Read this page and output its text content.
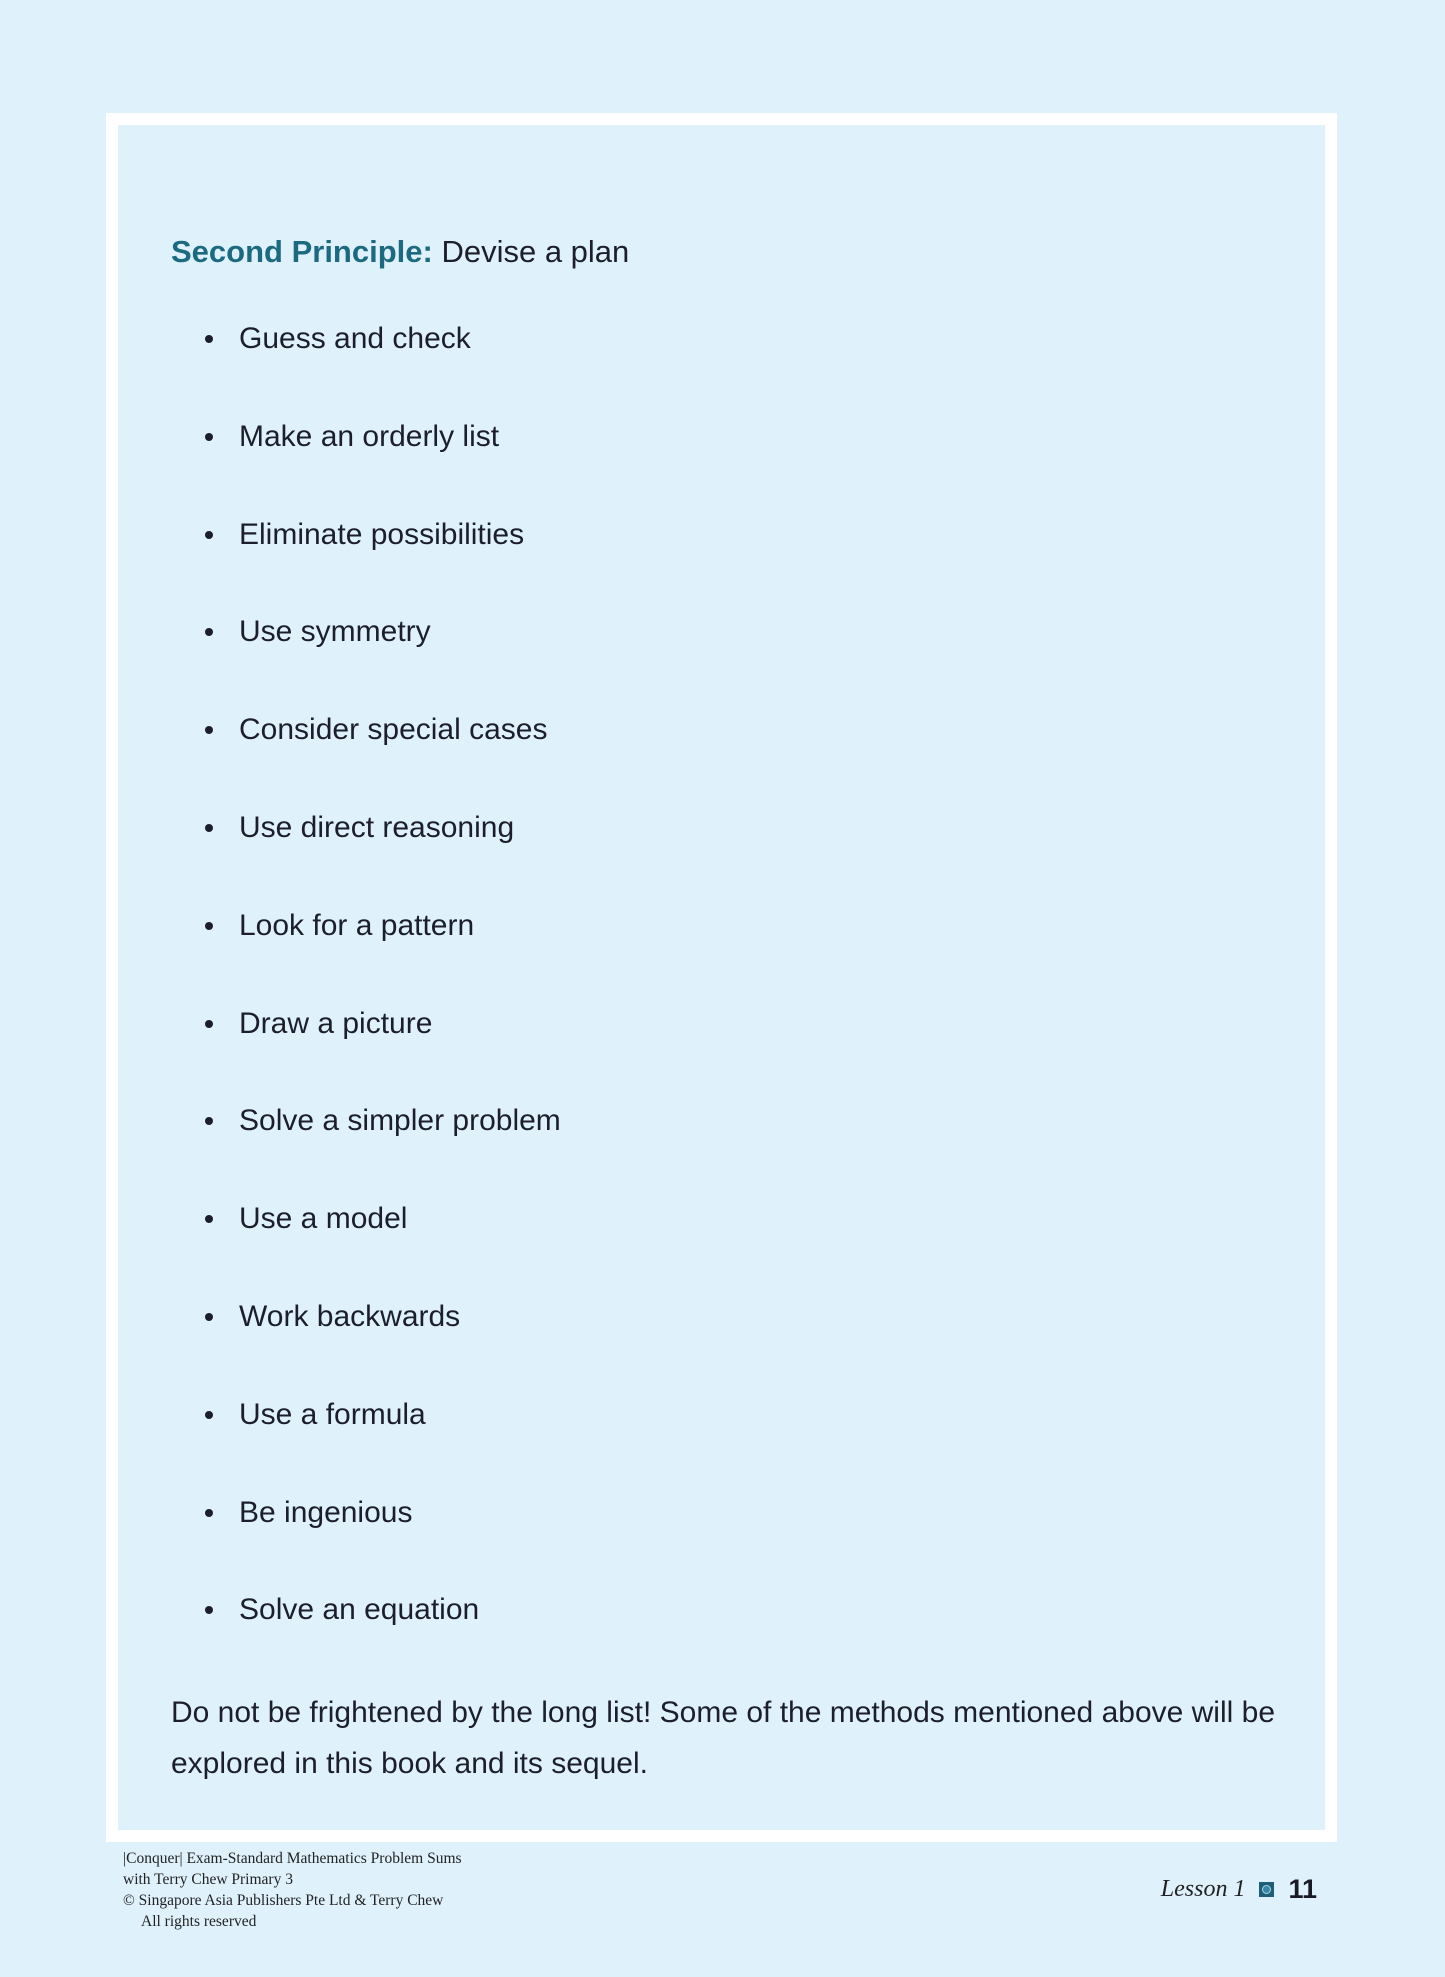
Second Principle: Devise a plan
Guess and check
Make an orderly list
Eliminate possibilities
Use symmetry
Consider special cases
Use direct reasoning
Look for a pattern
Draw a picture
Solve a simpler problem
Use a model
Work backwards
Use a formula
Be ingenious
Solve an equation

Do not be frightened by the long list! Some of the methods mentioned above will be explored in this book and its sequel.

|Conquer| Exam-Standard Mathematics Problem Sums
with Terry Chew Primary 3
© Singapore Asia Publishers Pte Ltd & Terry Chew
All rights reserved
Lesson 1 11
